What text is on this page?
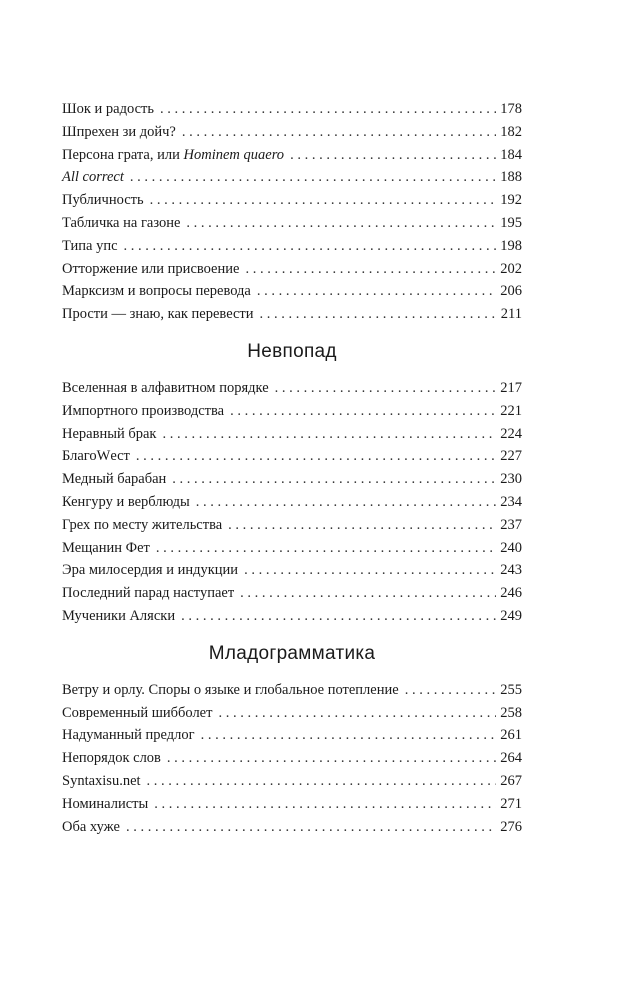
Шок и радость . . .	178
Шпрехен зи дойч? . . .	182
Персона грата, или Hominem quaero . . .	184
All correct . . .	188
Публичность . . .	192
Табличка на газоне . . .	195
Типа упс . . .	198
Отторжение или присвоение . . .	202
Марксизм и вопросы перевода . . .	206
Прости — знаю, как перевести . . .	211
Невпопад
Вселенная в алфавитном порядке . . .	217
Импортного производства . . .	221
Неравный брак . . .	224
БлагоWест . . .	227
Медный барабан . . .	230
Кенгуру и верблюды . . .	234
Грех по месту жительства . . .	237
Мещанин Фет . . .	240
Эра милосердия и индукции . . .	243
Последний парад наступает . . .	246
Мученики Аляски . . .	249
Младограмматика
Ветру и орлу. Споры о языке и глобальное потепление . . .	255
Современный шибболет . . .	258
Надуманный предлог . . .	261
Непорядок слов . . .	264
Syntaxisu.net . . .	267
Номиналисты . . .	271
Оба хуже . . .	276
